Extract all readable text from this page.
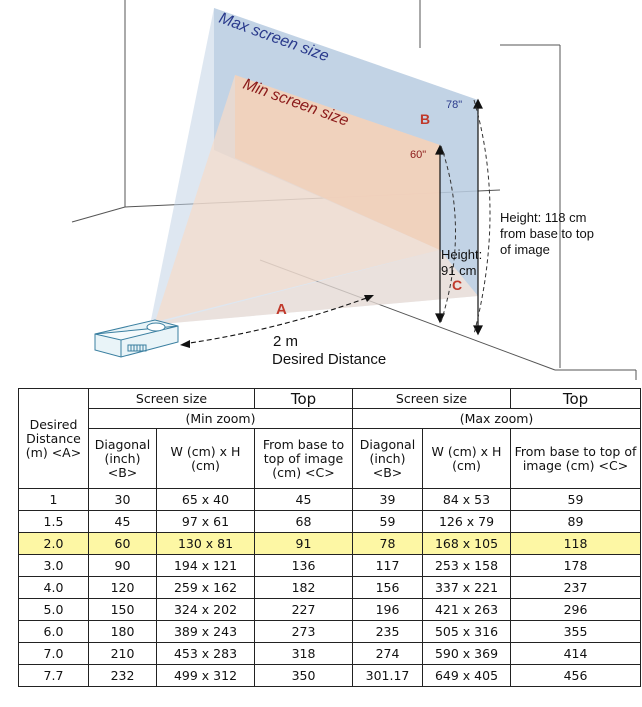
Max screen size
Min screen size	78"
60"
B
Height: 118 cm
from base to top
of image
Height:
91 cm
C
A
2 m
Desired Distance
Desired Distance (m) <A>	Screen size		Top	Screen size		Top
	(Min zoom)			(Max zoom)		
	Diagonal (inch) <B>	W (cm) x H (cm)	From base to top of image (cm) <C>	Diagonal (inch) <B>	W (cm) x H (cm)	From base to top of image (cm) <C>
1	30	65 x 40	45	39	84 x 53	59
1.5	45	97 x 61	68	59	126 x 79	89
2.0	60	130 x 81	91	78	168 x 105	118
3.0	90	194 x 121	136	117	253 x 158	178
4.0	120	259 x 162	182	156	337 x 221	237
5.0	150	324 x 202	227	196	421 x 263	296
6.0	180	389 x 243	273	235	505 x 316	355
7.0	210	453 x 283	318	274	590 x 369	414
7.7	232	499 x 312	350	301.17	649 x 405	456
